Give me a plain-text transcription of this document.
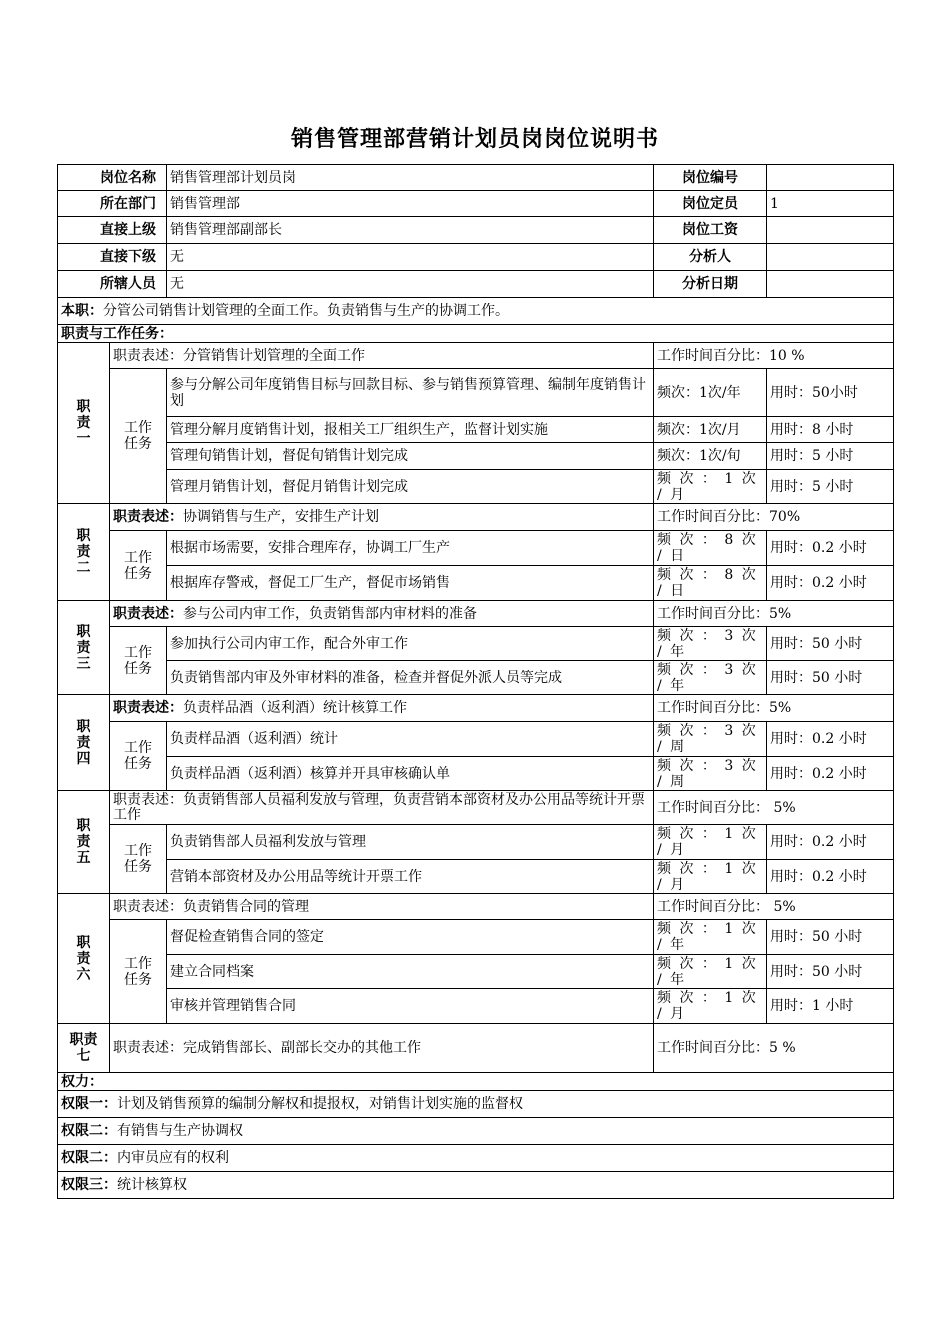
销售管理部营销计划员岗岗位说明书
岗位名称		销售管理部计划员岗	岗位编号	
所在部门		销售管理部	岗位定员	1
直接上级		销售管理部副部长	岗位工资	
直接下级		无	分析人	
所辖人员		无	分析日期	
本职：分管公司销售计划管理的全面工作。负责销售与生产的协调工作。				
职责与工作任务：				
职责一	职责表述：分管销售计划管理的全面工作		工作时间百分比：10 %	
	工作任务	参与分解公司年度销售目标与回款目标、参与销售预算管理、编制年度销售计划	频次：1次/年	用时：50小时
		管理分解月度销售计划，报相关工厂组织生产，监督计划实施	频次：1次/月	用时：8 小时
		管理旬销售计划，督促旬销售计划完成	频次：1次/旬	用时：5 小时
		管理月销售计划，督促月销售计划完成	频 次 ： 1 次 / 月	用时：5 小时
职责二	职责表述：协调销售与生产，安排生产计划		工作时间百分比：70%	
	工作任务	根据市场需要，安排合理库存，协调工厂生产	频 次 ： 8 次 / 日	用时：0.2 小时
		根据库存警戒，督促工厂生产，督促市场销售	频 次 ： 8 次 / 日	用时：0.2 小时
职责三	职责表述：参与公司内审工作，负责销售部内审材料的准备		工作时间百分比：5%	
	工作任务	参加执行公司内审工作，配合外审工作	频 次 ： 3 次 / 年	用时：50 小时
		负责销售部内审及外审材料的准备，检查并督促外派人员等完成	频 次 ： 3 次 / 年	用时：50 小时
职责四	职责表述：负责样品酒（返利酒）统计核算工作		工作时间百分比：5%	
	工作任务	负责样品酒（返利酒）统计	频 次 ： 3 次 / 周	用时：0.2 小时
		负责样品酒（返利酒）核算并开具审核确认单	频 次 ： 3 次 / 周	用时：0.2 小时
职责五	职责表述：负责销售部人员福利发放与管理，负责营销本部资材及办公用品等统计开票工作		工作时间百分比： 5%	
	工作任务	负责销售部人员福利发放与管理	频 次 ： 1 次 / 月	用时：0.2 小时
		营销本部资材及办公用品等统计开票工作	频 次 ： 1 次 / 月	用时：0.2 小时
职责六	职责表述：负责销售合同的管理		工作时间百分比： 5%	
	工作任务	督促检查销售合同的签定	频 次 ： 1 次 / 年	用时：50 小时
		建立合同档案	频 次 ： 1 次 / 年	用时：50 小时
		审核并管理销售合同	频 次 ： 1 次 / 月	用时：1 小时
职责七	职责表述：完成销售部长、副部长交办的其他工作		工作时间百分比：5 %	
权力：				
权限一：计划及销售预算的编制分解权和提报权，对销售计划实施的监督权				
权限二：有销售与生产协调权				
权限二：内审员应有的权利				
权限三：统计核算权				
